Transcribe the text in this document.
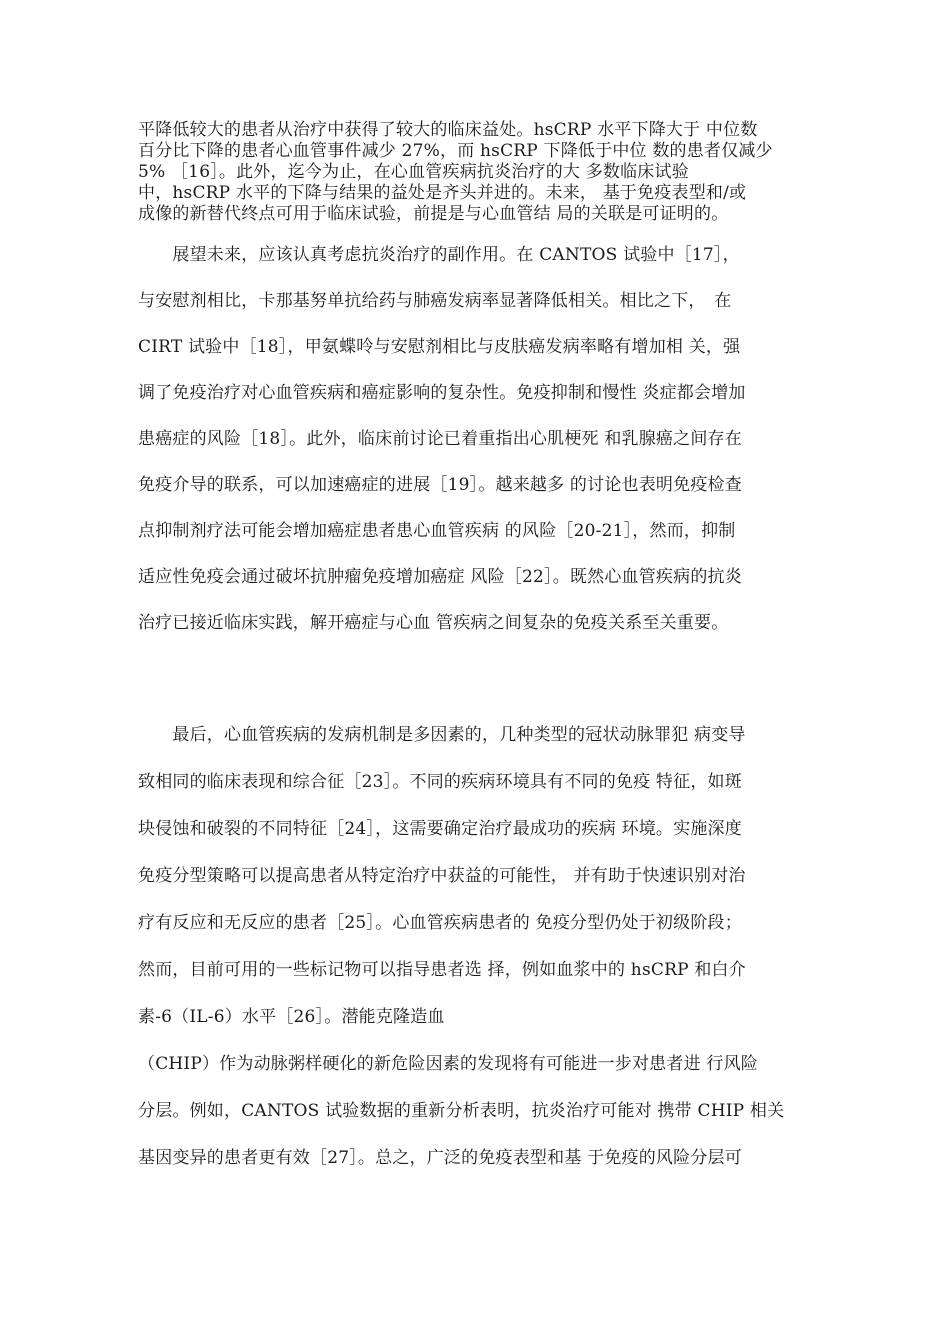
平降低较大的患者从治疗中获得了较大的临床益处。hsCRP 水平下降大于 中位数
百分比下降的患者心血管事件减少 27%，而 hsCRP 下降低于中位 数的患者仅减少
5% ［16］。此外，迄今为止，在心血管疾病抗炎治疗的大 多数临床试验
中，hsCRP 水平的下降与结果的益处是齐头并进的。未来， 基于免疫表型和/或
成像的新替代终点可用于临床试验，前提是与心血管结 局的关联是可证明的。
　　展望未来，应该认真考虑抗炎治疗的副作用。在 CANTOS 试验中［17］，
与安慰剂相比，卡那基努单抗给药与肺癌发病率显著降低相关。相比之下，　在
CIRT 试验中［18］，甲氨蝶呤与安慰剂相比与皮肤癌发病率略有增加相 关，强
调了免疫治疗对心血管疾病和癌症影响的复杂性。免疫抑制和慢性 炎症都会增加
患癌症的风险［18］。此外，临床前讨论已着重指出心肌梗死 和乳腺癌之间存在
免疫介导的联系，可以加速癌症的进展［19］。越来越多 的讨论也表明免疫检查
点抑制剂疗法可能会增加癌症患者患心血管疾病 的风险［20-21］，然而，抑制
适应性免疫会通过破坏抗肿瘤免疫增加癌症 风险［22］。既然心血管疾病的抗炎
治疗已接近临床实践，解开癌症与心血 管疾病之间复杂的免疫关系至关重要。
　　最后，心血管疾病的发病机制是多因素的，几种类型的冠状动脉罪犯 病变导
致相同的临床表现和综合征［23］。不同的疾病环境具有不同的免疫 特征，如斑
块侵蚀和破裂的不同特征［24］，这需要确定治疗最成功的疾病 环境。实施深度
免疫分型策略可以提高患者从特定治疗中获益的可能性， 并有助于快速识别对治
疗有反应和无反应的患者［25］。心血管疾病患者的 免疫分型仍处于初级阶段；
然而，目前可用的一些标记物可以指导患者选 择，例如血浆中的 hsCRP 和白介
素-6（IL-6）水平［26］。潜能克隆造血
（CHIP）作为动脉粥样硬化的新危险因素的发现将有可能进一步对患者进 行风险
分层。例如，CANTOS 试验数据的重新分析表明，抗炎治疗可能对 携带 CHIP 相关
基因变异的患者更有效［27］。总之，广泛的免疫表型和基 于免疫的风险分层可
